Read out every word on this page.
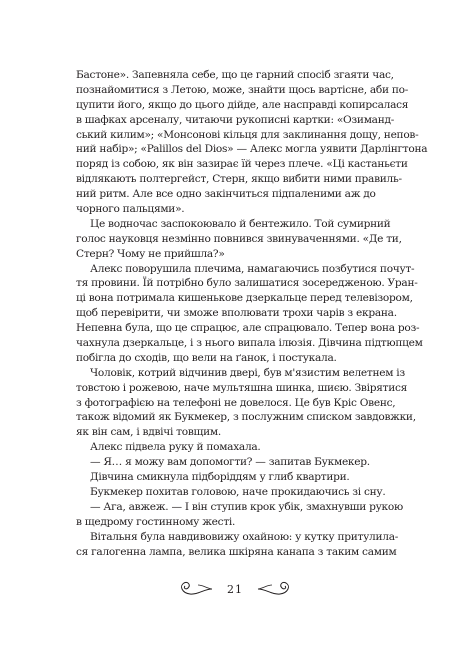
Бастоне». Запевняла себе, що це гарний спосіб згаяти час,
познайомитися з Летою, може, знайти щось вартісне, аби по-
цупити його, якщо до цього дійде, але насправді копирсалася
в шафках арсеналу, читаючи рукописні картки: «Озиманд-
ський килим»; «Монсонові кільця для заклинання дощу, непов-
ний набір»; «Palillos del Dios» — Алекс могла уявити Дарлінгтона
поряд із собою, як він зазирає їй через плече. «Ці кастаньєти
відлякають полтергейст, Стерн, якщо вибити ними правиль-
ний ритм. Але все одно закінчиться підпаленими аж до
чорного пальцями».
Це водночас заспокоювало й бентежило. Той сумирний
голос науковця незмінно повнився звинуваченнями. «Де ти,
Стерн? Чому не прийшла?»
Алекс поворушила плечима, намагаючись позбутися почут-
тя провини. Їй потрібно було залишатися зосередженою. Уран-
ці вона потримала кишенькове дзеркальце перед телевізором,
щоб перевірити, чи зможе вполювати трохи чарів з екрана.
Непевна була, що це спрацює, але спрацювало. Тепер вона роз-
чахнула дзеркальце, і з нього випала ілюзія. Дівчина підтюпцем
побігла до сходів, що вели на ґанок, і постукала.
Чоловік, котрий відчинив двері, був м'язистим велетнем із
товстою і рожевою, наче мультяшна шинка, шиєю. Звірятися
з фотографією на телефоні не довелося. Це був Кріс Овенс,
також відомий як Букмекер, з послужним списком завдовжки,
як він сам, і вдвічі товщим.
Алекс підвела руку й помахала.
— Я… я можу вам допомогти? — запитав Букмекер.
Дівчина смикнула підборіддям у глиб квартири.
Букмекер похитав головою, наче прокидаючись зі сну.
— Ага, авжеж. — І він ступив крок убік, змахнувши рукою
в щедрому гостинному жесті.
Вітальня була навдивовижу охайною: у кутку притулила-
ся галогенна лампа, велика шкіряна канапа з таким самим
21
